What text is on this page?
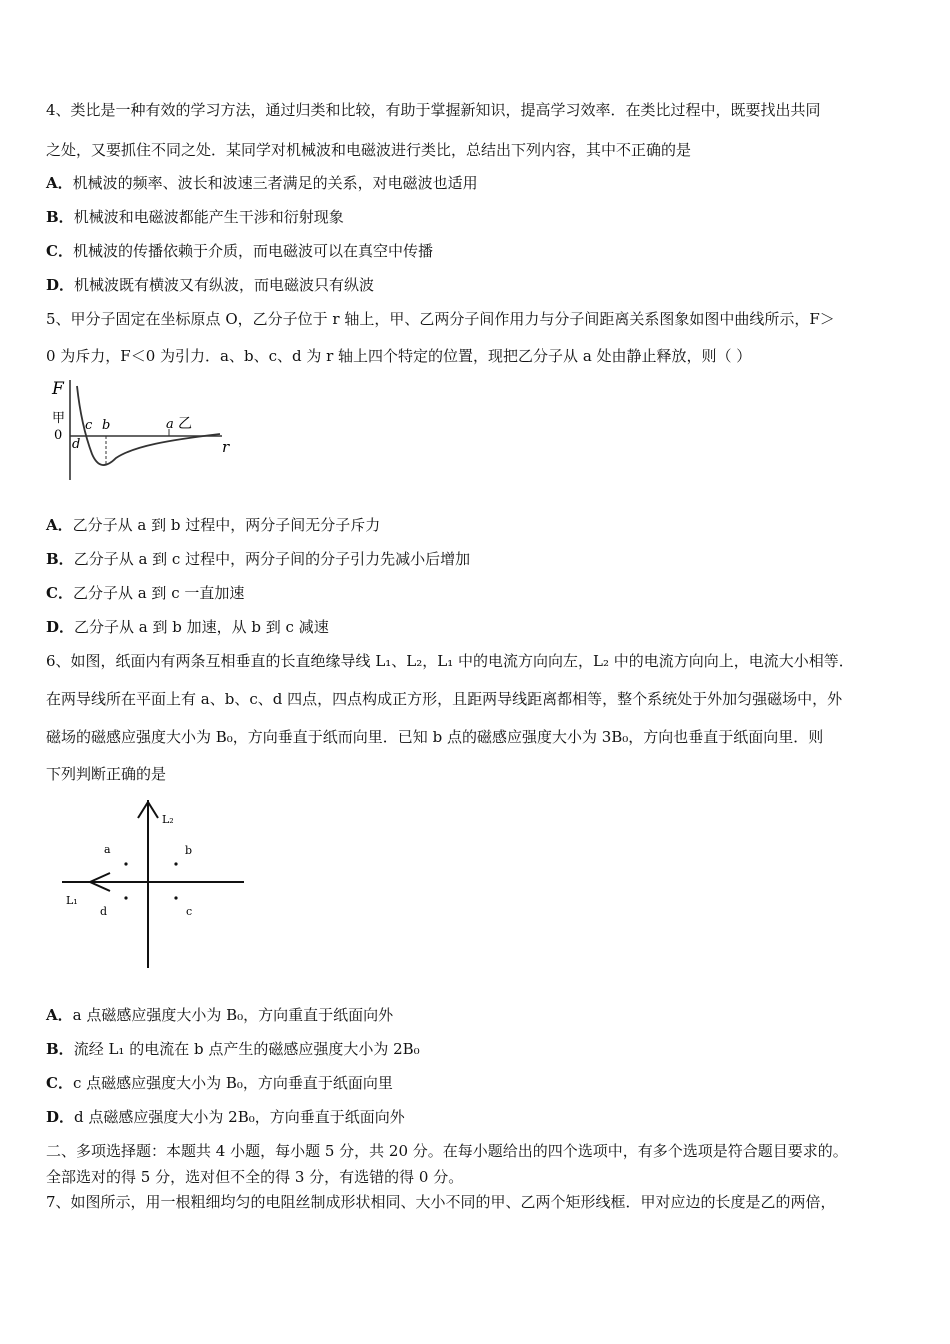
4、类比是一种有效的学习方法，通过归类和比较，有助于掌握新知识，提高学习效率．在类比过程中，既要找出共同
之处，又要抓住不同之处．某同学对机械波和电磁波进行类比，总结出下列内容，其中不正确的是
A．机械波的频率、波长和波速三者满足的关系，对电磁波也适用
B．机械波和电磁波都能产生干涉和衍射现象
C．机械波的传播依赖于介质，而电磁波可以在真空中传播
D．机械波既有横波又有纵波，而电磁波只有纵波
5、甲分子固定在坐标原点 O，乙分子位于 r 轴上，甲、乙两分子间作用力与分子间距离关系图象如图中曲线所示，F＞
0 为斥力，F＜0 为引力．a、b、c、d 为 r 轴上四个特定的位置，现把乙分子从 a 处由静止释放，则（ ）
F
甲
0
c b
d
a 乙
r
A．乙分子从 a 到 b 过程中，两分子间无分子斥力
B．乙分子从 a 到 c 过程中，两分子间的分子引力先减小后增加
C．乙分子从 a 到 c 一直加速
D．乙分子从 a 到 b 加速，从 b 到 c 减速
6、如图，纸面内有两条互相垂直的长直绝缘导线 L₁、L₂，L₁ 中的电流方向向左，L₂ 中的电流方向向上，电流大小相等．
在两导线所在平面上有 a、b、c、d 四点，四点构成正方形，且距两导线距离都相等，整个系统处于外加匀强磁场中，外
磁场的磁感应强度大小为 B₀，方向垂直于纸而向里．已知 b 点的磁感应强度大小为 3B₀，方向也垂直于纸面向里．则
下列判断正确的是
L₂
L₁
a	b
c
d
A．a 点磁感应强度大小为 B₀，方向重直于纸面向外
B．流经 L₁ 的电流在 b 点产生的磁感应强度大小为 2B₀
C．c 点磁感应强度大小为 B₀，方向垂直于纸面向里
D．d 点磁感应强度大小为 2B₀，方向垂直于纸面向外
二、多项选择题：本题共 4 小题，每小题 5 分，共 20 分。在每小题给出的四个选项中，有多个选项是符合题目要求的。
全部选对的得 5 分，选对但不全的得 3 分，有选错的得 0 分。
7、如图所示，用一根粗细均匀的电阻丝制成形状相同、大小不同的甲、乙两个矩形线框．甲对应边的长度是乙的两倍，
